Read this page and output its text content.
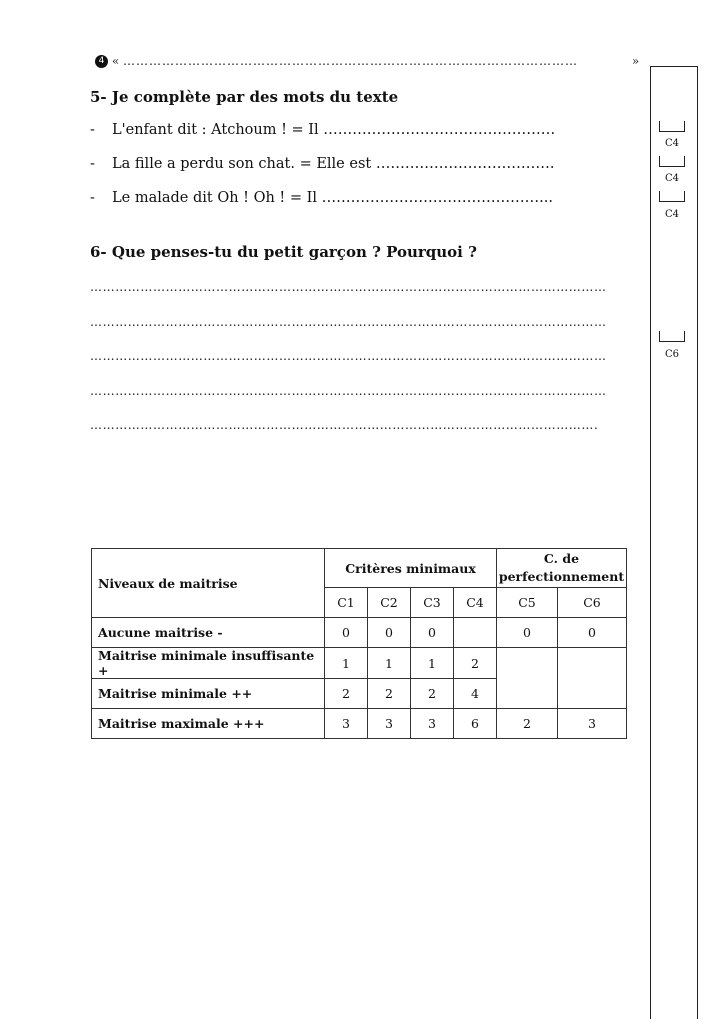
C4
C4
C4
C6
4 « ……………………………………………………………………………………………	»
5- Je complète par des mots du texte
- L'enfant dit : Atchoum ! = Il …………………………………………
- La fille a perdu son chat. = Elle est ……………………………….
- Le malade dit Oh ! Oh ! = Il ………………………………………...
6- Que penses-tu du petit garçon ? Pourquoi ?
……………………………………………………………………………………………………………
……………………………………………………………………………………………………………
……………………………………………………………………………………………………………
……………………………………………………………………………………………………………
………………………………………………………………………………………………………….
Niveaux de maitrise	Critères minimaux				C. de perfectionnement	
	C1	C2	C3	C4	C5	C6
Aucune maitrise -	0	0	0		0	0
Maitrise minimale insuffisante +	1	1	1	2		
Maitrise minimale ++	2	2	2	4		
Maitrise maximale +++	3	3	3	6	2	3
